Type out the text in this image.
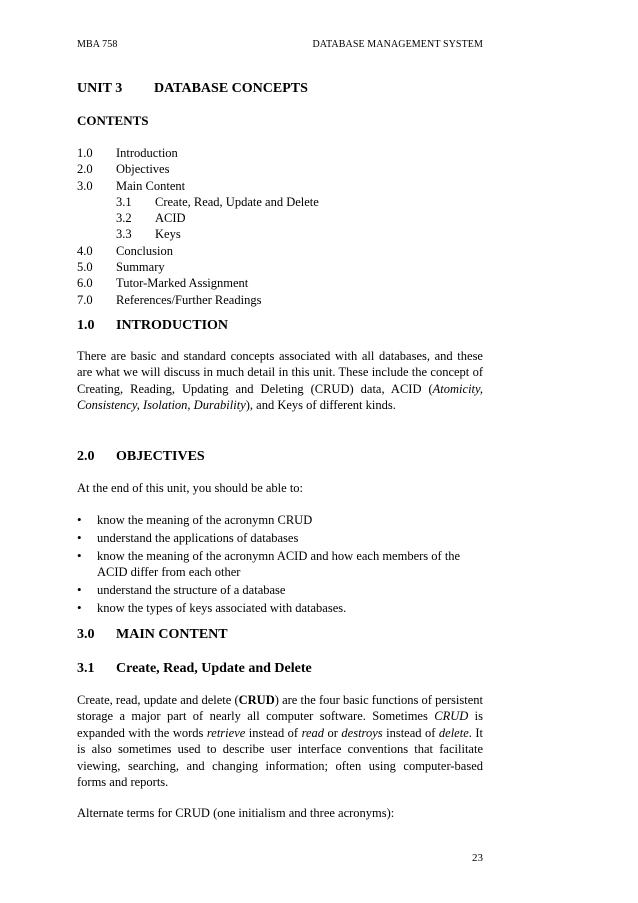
MBA 758	DATABASE MANAGEMENT SYSTEM
UNIT 3 DATABASE CONCEPTS
CONTENTS
1.0 Introduction
2.0 Objectives
3.0 Main Content
3.1 Create, Read, Update and Delete
3.2 ACID
3.3 Keys
4.0 Conclusion
5.0 Summary
6.0 Tutor-Marked Assignment
7.0 References/Further Readings
1.0 INTRODUCTION

There are basic and standard concepts associated with all databases, and these are what we will discuss in much detail in this unit. These include the concept of Creating, Reading, Updating and Deleting (CRUD) data, ACID (Atomicity, Consistency, Isolation, Durability), and Keys of different kinds.

2.0 OBJECTIVES

At the end of this unit, you should be able to:

• know the meaning of the acronymn CRUD
• understand the applications of databases
• know the meaning of the acronymn ACID and how each members of the ACID differ from each other
• understand the structure of a database
• know the types of keys associated with databases.
3.0 MAIN CONTENT
3.1 Create, Read, Update and Delete

Create, read, update and delete (CRUD) are the four basic functions of persistent storage a major part of nearly all computer software. Sometimes CRUD is expanded with the words retrieve instead of read or destroys instead of delete. It is also sometimes used to describe user interface conventions that facilitate viewing, searching, and changing information; often using computer-based forms and reports.

Alternate terms for CRUD (one initialism and three acronyms):

23
